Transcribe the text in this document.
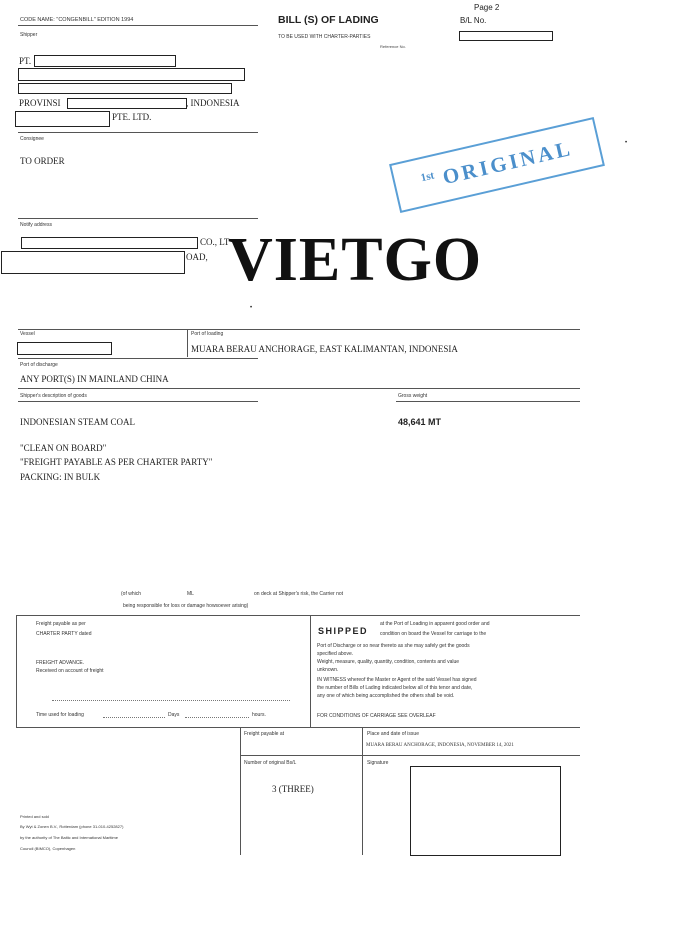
CODE NAME: "CONGENBILL" EDITION 1994
Shipper
Page 2
BILL (S) OF LADING	B/L No.
TO BE USED WITH CHARTER-PARTIES
Reference No.
PT.
PROVINSI	, INDONESIA
PTE. LTD.
Consignee
TO ORDER
$^{1st}$ ORIGINAL	•
Notify address
CO., LT
OAD, VIETGO
•
Vessel	Port of loading
MUARA BERAU ANCHORAGE, EAST KALIMANTAN, INDONESIA
Port of discharge
ANY PORT(S) IN MAINLAND CHINA
Shipper's description of goods	Gross weight
INDONESIAN STEAM COAL	48,641 MT
"CLEAN ON BOARD"
"FREIGHT PAYABLE AS PER CHARTER PARTY"
PACKING: IN BULK
(of which	ML	on deck at Shipper's risk, the Carrier not
being responsible for loss or damage howsoever arising)
Freight payable as per
CHARTER PARTY dated
FREIGHT ADVANCE.
Received on account of freight
Time used for loading	Days	hours.
SHIPPED
at the Port of Loading in apparent good order and
condition on board the Vessel for carriage to the
Port of Discharge or so near thereto as she may safely get the goods
specified above.
Weight, measure, quality, quantity, condition, contents and value
unknown.
IN WITNESS whereof the Master or Agent of the said Vessel has signed
the number of Bills of Lading indicated below all of this tenor and date,
any one of which being accomplished the others shall be void.
FOR CONDITIONS OF CARRIAGE SEE OVERLEAF
Freight payable at	Place and date of issue
MUARA BERAU ANCHORAGE, INDONESIA, NOVEMBER 14, 2021
Number of original Bs/L	Signature
3 (THREE)
Printed and sold
By Wyt & Zonen B.V., Rotterdam (phone 31-010-4252827)
by the authority of The Baltic and International Maritime
Council (BIMCO), Copenhagen
